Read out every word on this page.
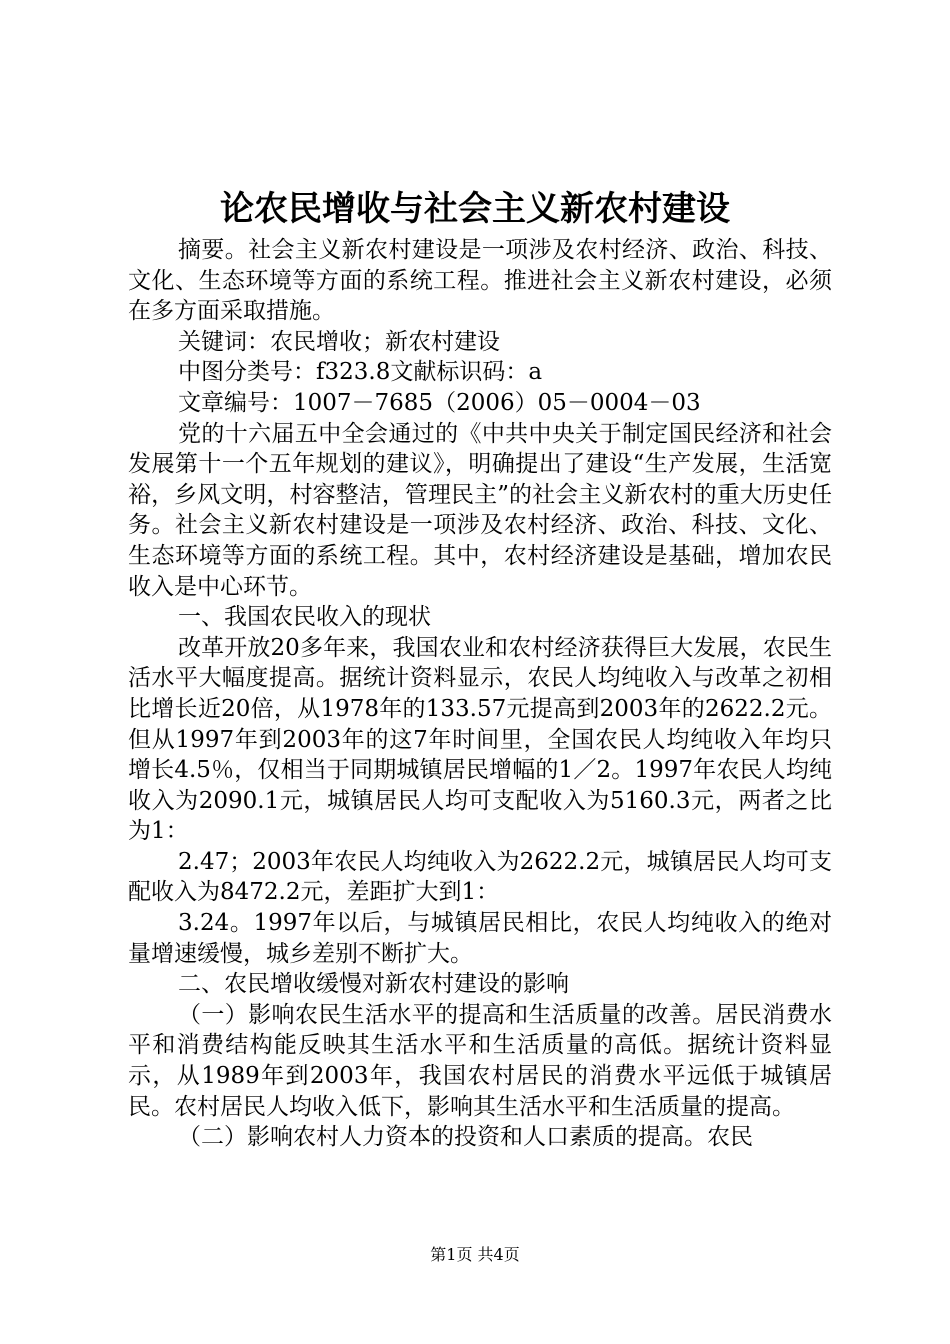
论农民增收与社会主义新农村建设

摘要。社会主义新农村建设是一项涉及农村经济、政治、科技、文化、生态环境等方面的系统工程。推进社会主义新农村建设，必须在多方面采取措施。

关键词：农民增收；新农村建设

中图分类号：f323.8文献标识码：a

文章编号：1007－7685（2006）05－0004－03

党的十六届五中全会通过的《中共中央关于制定国民经济和社会发展第十一个五年规划的建议》，明确提出了建设“生产发展，生活宽裕，乡风文明，村容整洁，管理民主”的社会主义新农村的重大历史任务。社会主义新农村建设是一项涉及农村经济、政治、科技、文化、生态环境等方面的系统工程。其中，农村经济建设是基础，增加农民收入是中心环节。

一、我国农民收入的现状

改革开放20多年来，我国农业和农村经济获得巨大发展，农民生活水平大幅度提高。据统计资料显示，农民人均纯收入与改革之初相比增长近20倍，从1978年的133.57元提高到2003年的2622.2元。但从1997年到2003年的这7年时间里，全国农民人均纯收入年均只增长4.5％，仅相当于同期城镇居民增幅的1／2。1997年农民人均纯收入为2090.1元，城镇居民人均可支配收入为5160.3元，两者之比为1：

2.47；2003年农民人均纯收入为2622.2元，城镇居民人均可支配收入为8472.2元，差距扩大到1：

3.24。1997年以后，与城镇居民相比，农民人均纯收入的绝对量增速缓慢，城乡差别不断扩大。

二、农民增收缓慢对新农村建设的影响

（一）影响农民生活水平的提高和生活质量的改善。居民消费水平和消费结构能反映其生活水平和生活质量的高低。据统计资料显示，从1989年到2003年，我国农村居民的消费水平远低于城镇居民。农村居民人均收入低下，影响其生活水平和生活质量的提高。

（二）影响农村人力资本的投资和人口素质的提高。农民

第1页 共4页
